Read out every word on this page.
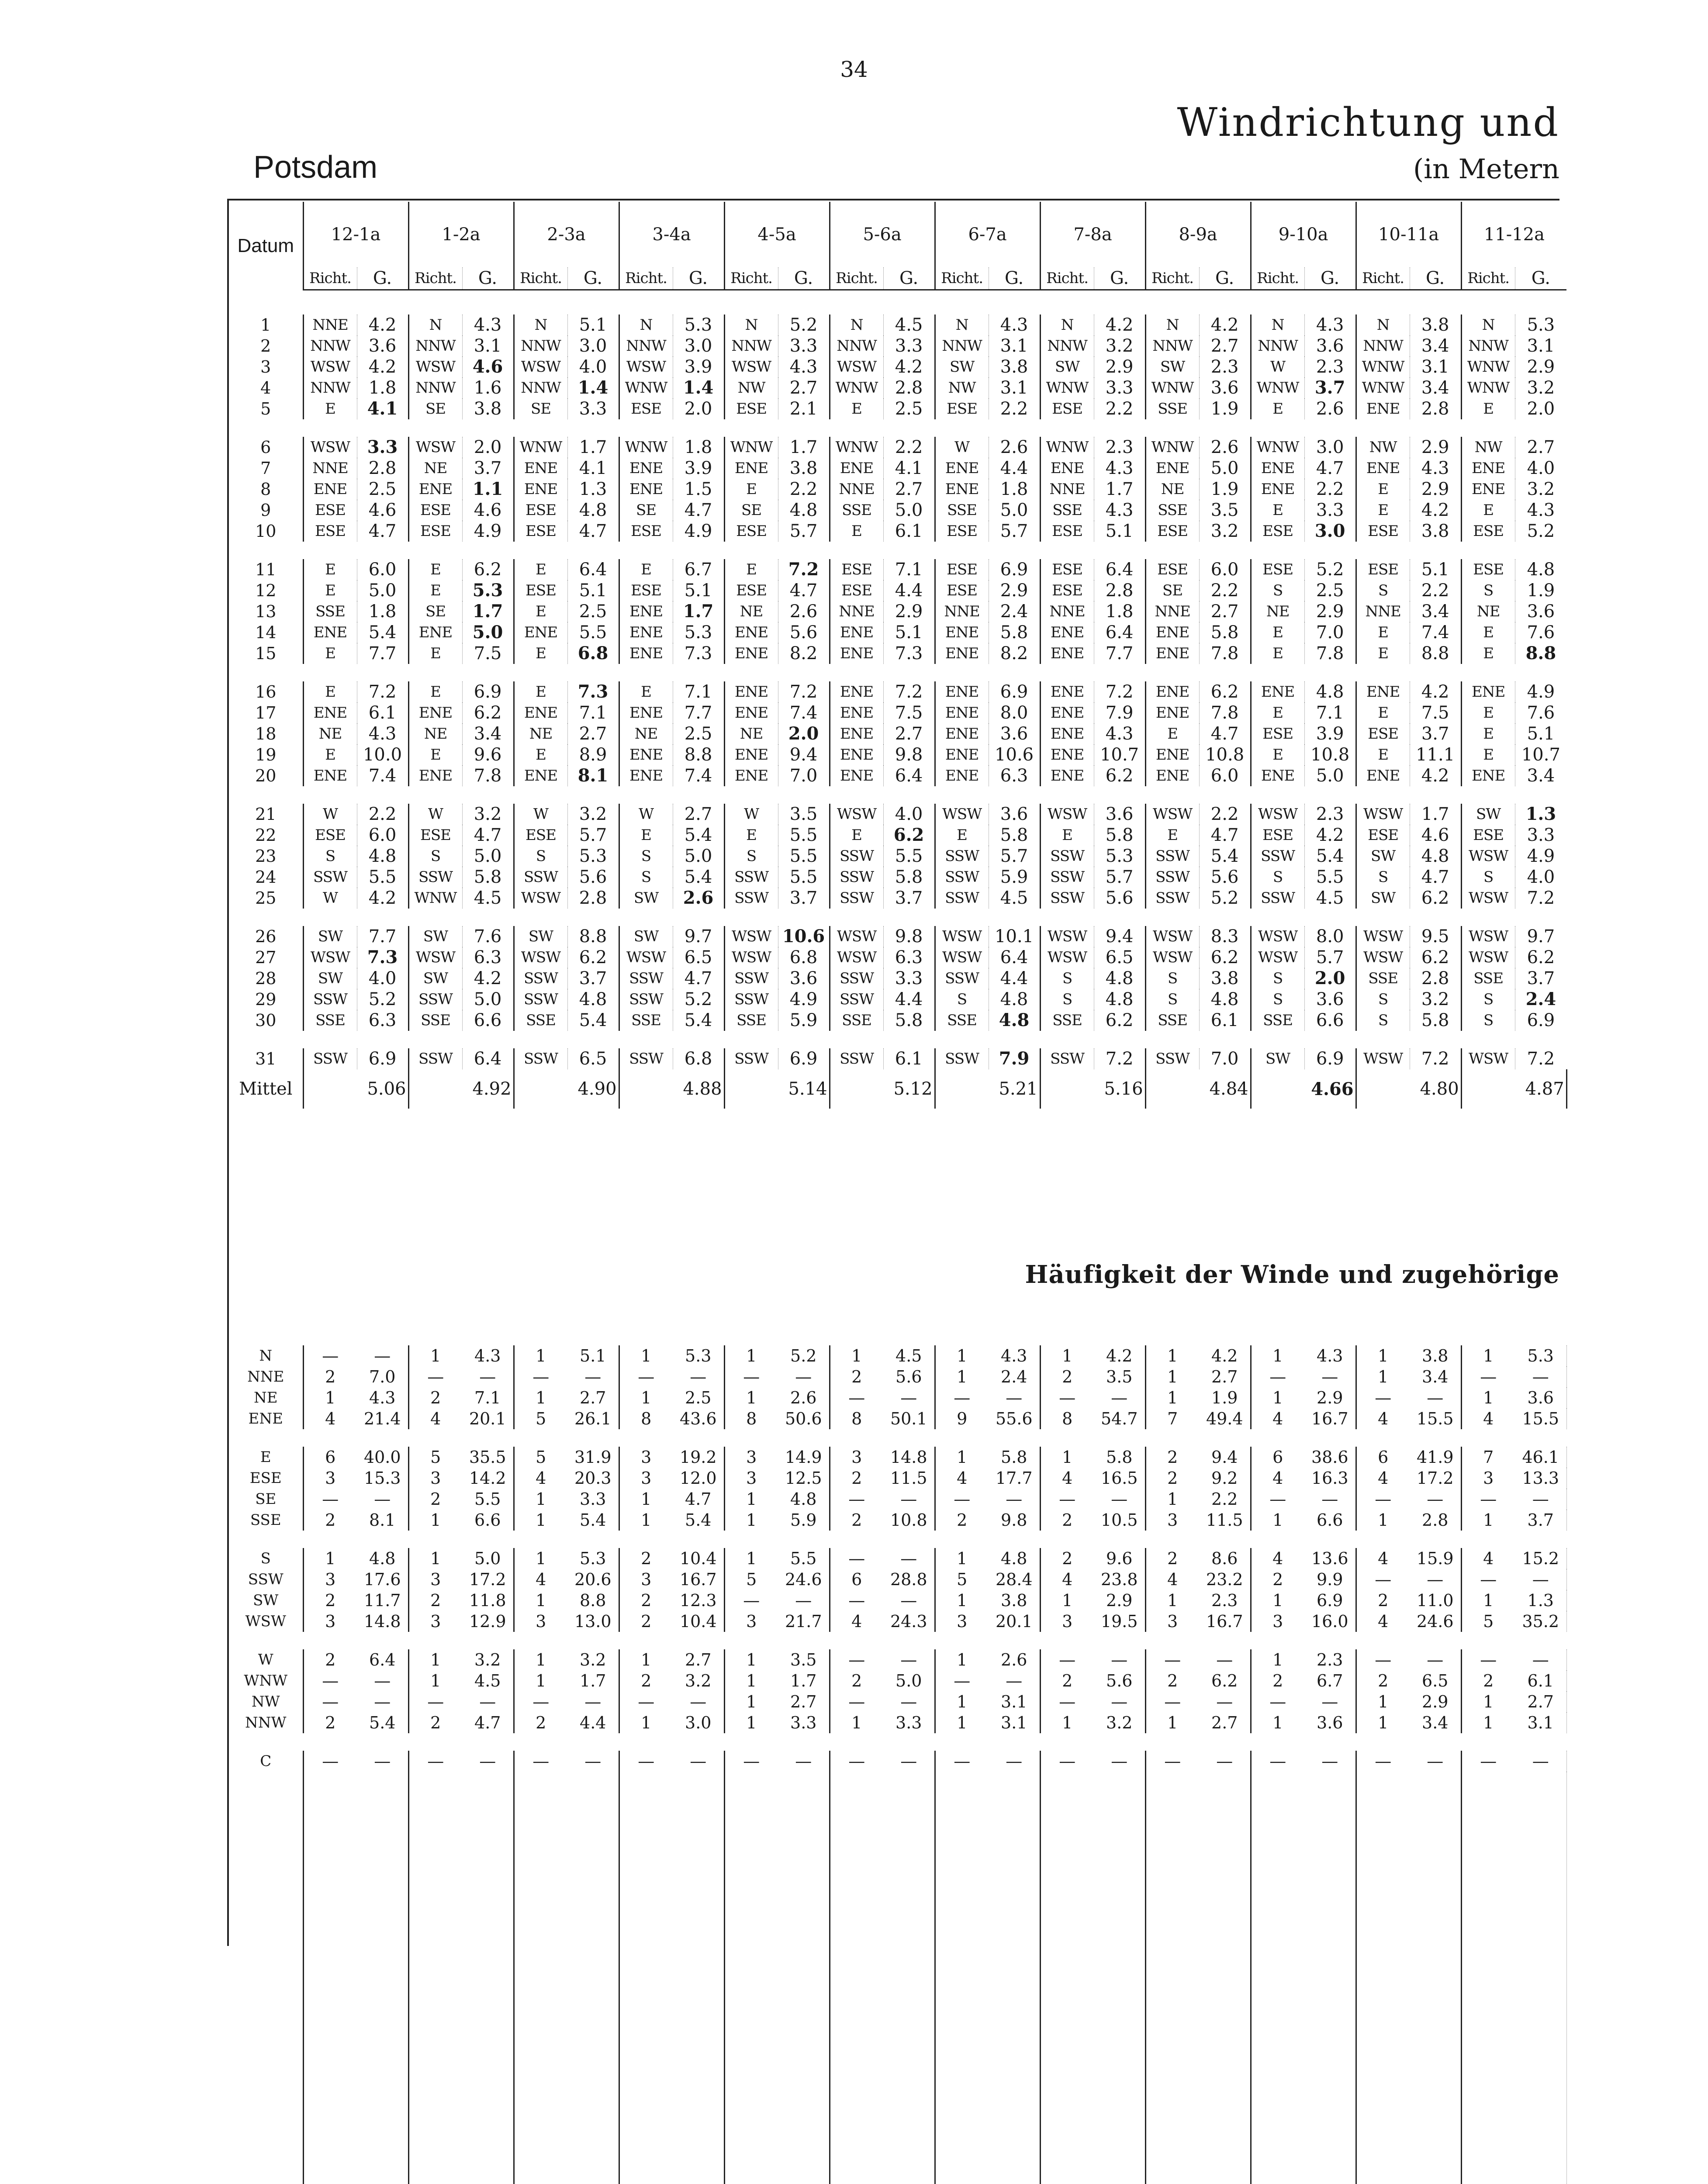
34
Windrichtung und
Potsdam	(in Metern
Datum	12-1a		1-2a		2-3a		3-4a		4-5a		5-6a		6-7a		7-8a		8-9a		9-10a		10-11a		11-12a	
	Richt.	G.	Richt.	G.	Richt.	G.	Richt.	G.	Richt.	G.	Richt.	G.	Richt.	G.	Richt.	G.	Richt.	G.	Richt.	G.	Richt.	G.	Richt.	G.

1	NNE	4.2	N	4.3	N	5.1	N	5.3	N	5.2	N	4.5	N	4.3	N	4.2	N	4.2	N	4.3	N	3.8	N	5.3
2	NNW	3.6	NNW	3.1	NNW	3.0	NNW	3.0	NNW	3.3	NNW	3.3	NNW	3.1	NNW	3.2	NNW	2.7	NNW	3.6	NNW	3.4	NNW	3.1
3	WSW	4.2	WSW	4.6	WSW	4.0	WSW	3.9	WSW	4.3	WSW	4.2	SW	3.8	SW	2.9	SW	2.3	W	2.3	WNW	3.1	WNW	2.9
4	NNW	1.8	NNW	1.6	NNW	1.4	WNW	1.4	NW	2.7	WNW	2.8	NW	3.1	WNW	3.3	WNW	3.6	WNW	3.7	WNW	3.4	WNW	3.2
5	E	4.1	SE	3.8	SE	3.3	ESE	2.0	ESE	2.1	E	2.5	ESE	2.2	ESE	2.2	SSE	1.9	E	2.6	ENE	2.8	E	2.0

6	WSW	3.3	WSW	2.0	WNW	1.7	WNW	1.8	WNW	1.7	WNW	2.2	W	2.6	WNW	2.3	WNW	2.6	WNW	3.0	NW	2.9	NW	2.7
7	NNE	2.8	NE	3.7	ENE	4.1	ENE	3.9	ENE	3.8	ENE	4.1	ENE	4.4	ENE	4.3	ENE	5.0	ENE	4.7	ENE	4.3	ENE	4.0
8	ENE	2.5	ENE	1.1	ENE	1.3	ENE	1.5	E	2.2	NNE	2.7	ENE	1.8	NNE	1.7	NE	1.9	ENE	2.2	E	2.9	ENE	3.2
9	ESE	4.6	ESE	4.6	ESE	4.8	SE	4.7	SE	4.8	SSE	5.0	SSE	5.0	SSE	4.3	SSE	3.5	E	3.3	E	4.2	E	4.3
10	ESE	4.7	ESE	4.9	ESE	4.7	ESE	4.9	ESE	5.7	E	6.1	ESE	5.7	ESE	5.1	ESE	3.2	ESE	3.0	ESE	3.8	ESE	5.2

11	E	6.0	E	6.2	E	6.4	E	6.7	E	7.2	ESE	7.1	ESE	6.9	ESE	6.4	ESE	6.0	ESE	5.2	ESE	5.1	ESE	4.8
12	E	5.0	E	5.3	ESE	5.1	ESE	5.1	ESE	4.7	ESE	4.4	ESE	2.9	ESE	2.8	SE	2.2	S	2.5	S	2.2	S	1.9
13	SSE	1.8	SE	1.7	E	2.5	ENE	1.7	NE	2.6	NNE	2.9	NNE	2.4	NNE	1.8	NNE	2.7	NE	2.9	NNE	3.4	NE	3.6
14	ENE	5.4	ENE	5.0	ENE	5.5	ENE	5.3	ENE	5.6	ENE	5.1	ENE	5.8	ENE	6.4	ENE	5.8	E	7.0	E	7.4	E	7.6
15	E	7.7	E	7.5	E	6.8	ENE	7.3	ENE	8.2	ENE	7.3	ENE	8.2	ENE	7.7	ENE	7.8	E	7.8	E	8.8	E	8.8

16	E	7.2	E	6.9	E	7.3	E	7.1	ENE	7.2	ENE	7.2	ENE	6.9	ENE	7.2	ENE	6.2	ENE	4.8	ENE	4.2	ENE	4.9
17	ENE	6.1	ENE	6.2	ENE	7.1	ENE	7.7	ENE	7.4	ENE	7.5	ENE	8.0	ENE	7.9	ENE	7.8	E	7.1	E	7.5	E	7.6
18	NE	4.3	NE	3.4	NE	2.7	NE	2.5	NE	2.0	ENE	2.7	ENE	3.6	ENE	4.3	E	4.7	ESE	3.9	ESE	3.7	E	5.1
19	E	10.0	E	9.6	E	8.9	ENE	8.8	ENE	9.4	ENE	9.8	ENE	10.6	ENE	10.7	ENE	10.8	E	10.8	E	11.1	E	10.7
20	ENE	7.4	ENE	7.8	ENE	8.1	ENE	7.4	ENE	7.0	ENE	6.4	ENE	6.3	ENE	6.2	ENE	6.0	ENE	5.0	ENE	4.2	ENE	3.4

21	W	2.2	W	3.2	W	3.2	W	2.7	W	3.5	WSW	4.0	WSW	3.6	WSW	3.6	WSW	2.2	WSW	2.3	WSW	1.7	SW	1.3
22	ESE	6.0	ESE	4.7	ESE	5.7	E	5.4	E	5.5	E	6.2	E	5.8	E	5.8	E	4.7	ESE	4.2	ESE	4.6	ESE	3.3
23	S	4.8	S	5.0	S	5.3	S	5.0	S	5.5	SSW	5.5	SSW	5.7	SSW	5.3	SSW	5.4	SSW	5.4	SW	4.8	WSW	4.9
24	SSW	5.5	SSW	5.8	SSW	5.6	S	5.4	SSW	5.5	SSW	5.8	SSW	5.9	SSW	5.7	SSW	5.6	S	5.5	S	4.7	S	4.0
25	W	4.2	WNW	4.5	WSW	2.8	SW	2.6	SSW	3.7	SSW	3.7	SSW	4.5	SSW	5.6	SSW	5.2	SSW	4.5	SW	6.2	WSW	7.2

26	SW	7.7	SW	7.6	SW	8.8	SW	9.7	WSW	10.6	WSW	9.8	WSW	10.1	WSW	9.4	WSW	8.3	WSW	8.0	WSW	9.5	WSW	9.7
27	WSW	7.3	WSW	6.3	WSW	6.2	WSW	6.5	WSW	6.8	WSW	6.3	WSW	6.4	WSW	6.5	WSW	6.2	WSW	5.7	WSW	6.2	WSW	6.2
28	SW	4.0	SW	4.2	SSW	3.7	SSW	4.7	SSW	3.6	SSW	3.3	SSW	4.4	S	4.8	S	3.8	S	2.0	SSE	2.8	SSE	3.7
29	SSW	5.2	SSW	5.0	SSW	4.8	SSW	5.2	SSW	4.9	SSW	4.4	S	4.8	S	4.8	S	4.8	S	3.6	S	3.2	S	2.4
30	SSE	6.3	SSE	6.6	SSE	5.4	SSE	5.4	SSE	5.9	SSE	5.8	SSE	4.8	SSE	6.2	SSE	6.1	SSE	6.6	S	5.8	S	6.9

31	SSW	6.9	SSW	6.4	SSW	6.5	SSW	6.8	SSW	6.9	SSW	6.1	SSW	7.9	SSW	7.2	SSW	7.0	SW	6.9	WSW	7.2	WSW	7.2
Mittel		5.06		4.92		4.90		4.88		5.14		5.12		5.21		5.16		4.84		4.66		4.80		4.87

Häufigkeit der Winde und zugehörige
N	—	—	1	4.3	1	5.1	1	5.3	1	5.2	1	4.5	1	4.3	1	4.2	1	4.2	1	4.3	1	3.8	1	5.3
NNE	2	7.0	—	—	—	—	—	—	—	—	2	5.6	1	2.4	2	3.5	1	2.7	—	—	1	3.4	—	—
NE	1	4.3	2	7.1	1	2.7	1	2.5	1	2.6	—	—	—	—	—	—	1	1.9	1	2.9	—	—	1	3.6
ENE	4	21.4	4	20.1	5	26.1	8	43.6	8	50.6	8	50.1	9	55.6	8	54.7	7	49.4	4	16.7	4	15.5	4	15.5

E	6	40.0	5	35.5	5	31.9	3	19.2	3	14.9	3	14.8	1	5.8	1	5.8	2	9.4	6	38.6	6	41.9	7	46.1
ESE	3	15.3	3	14.2	4	20.3	3	12.0	3	12.5	2	11.5	4	17.7	4	16.5	2	9.2	4	16.3	4	17.2	3	13.3
SE	—	—	2	5.5	1	3.3	1	4.7	1	4.8	—	—	—	—	—	—	1	2.2	—	—	—	—	—	—
SSE	2	8.1	1	6.6	1	5.4	1	5.4	1	5.9	2	10.8	2	9.8	2	10.5	3	11.5	1	6.6	1	2.8	1	3.7

S	1	4.8	1	5.0	1	5.3	2	10.4	1	5.5	—	—	1	4.8	2	9.6	2	8.6	4	13.6	4	15.9	4	15.2
SSW	3	17.6	3	17.2	4	20.6	3	16.7	5	24.6	6	28.8	5	28.4	4	23.8	4	23.2	2	9.9	—	—	—	—
SW	2	11.7	2	11.8	1	8.8	2	12.3	—	—	—	—	1	3.8	1	2.9	1	2.3	1	6.9	2	11.0	1	1.3
WSW	3	14.8	3	12.9	3	13.0	2	10.4	3	21.7	4	24.3	3	20.1	3	19.5	3	16.7	3	16.0	4	24.6	5	35.2

W	2	6.4	1	3.2	1	3.2	1	2.7	1	3.5	—	—	1	2.6	—	—	—	—	1	2.3	—	—	—	—
WNW	—	—	1	4.5	1	1.7	2	3.2	1	1.7	2	5.0	—	—	2	5.6	2	6.2	2	6.7	2	6.5	2	6.1
NW	—	—	—	—	—	—	—	—	1	2.7	—	—	1	3.1	—	—	—	—	—	—	1	2.9	1	2.7
NNW	2	5.4	2	4.7	2	4.4	1	3.0	1	3.3	1	3.3	1	3.1	1	3.2	1	2.7	1	3.6	1	3.4	1	3.1

C	—	—	—	—	—	—	—	—	—	—	—	—	—	—	—	—	—	—	—	—	—	—	—	—
